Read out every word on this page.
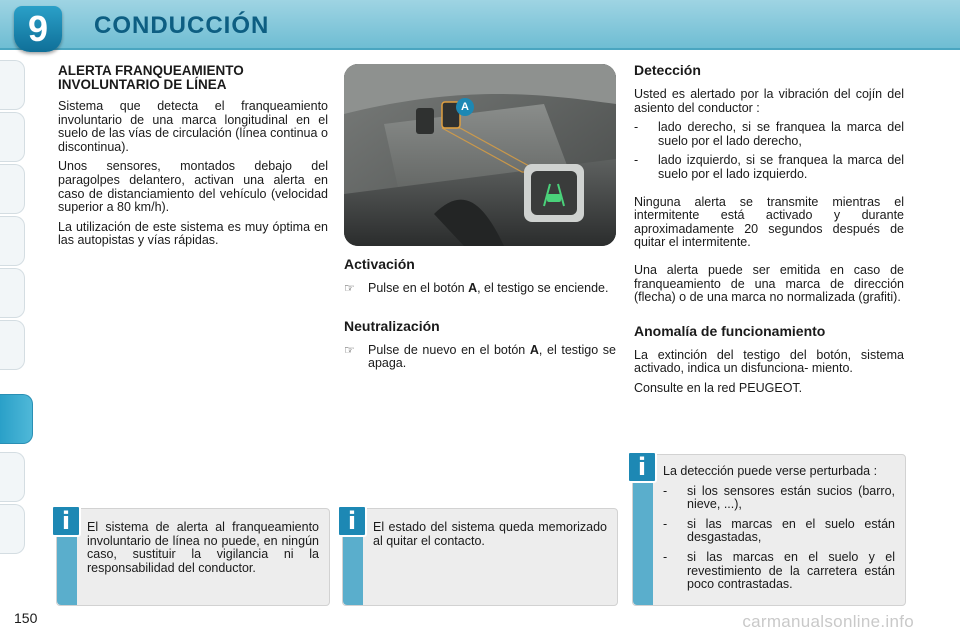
9	CONDUCCIÓN
ALERTA FRANQUEAMIENTO
INVOLUNTARIO DE LÍNEA

Sistema que detecta el franqueamiento involuntario de una marca longitudinal en el suelo de las vías de circulación (línea continua o discontinua).

Unos sensores, montados debajo del paragolpes delantero, activan una alerta en caso de distanciamiento del vehículo (velocidad superior a 80 km/h).

La utilización de este sistema es muy óptima en las autopistas y vías rápidas.

A
Activación
☞	Pulse en el botón A, el testigo se enciende.
Neutralización
☞	Pulse de nuevo en el botón A, el testigo se apaga.
Detección

Usted es alertado por la vibración del cojín del asiento del conductor :

-	lado derecho, si se franquea la marca del suelo por el lado derecho,
-	lado izquierdo, si se franquea la marca del suelo por el lado izquierdo.

Ninguna alerta se transmite mientras el intermitente está activado y durante aproximadamente 20 segundos después de quitar el intermitente.

Una alerta puede ser emitida en caso de franqueamiento de una marca de dirección (flecha) o de una marca no normalizada (grafiti).

Anomalía de funcionamiento

La extinción del testigo del botón, sistema activado, indica un disfunciona- miento.

Consulte en la red PEUGEOT.

i	El sistema de alerta al franqueamiento involuntario de línea no puede, en ningún caso, sustituir la vigilancia ni la responsabilidad del conductor.

i	El estado del sistema queda memorizado al quitar el contacto.

i	La detección puede verse perturbada :

-	si los sensores están sucios (barro, nieve, ...),
-	si las marcas en el suelo están desgastadas,
-	si las marcas en el suelo y el revestimiento de la carretera están poco contrastadas.
150	carmanualsonline.info
